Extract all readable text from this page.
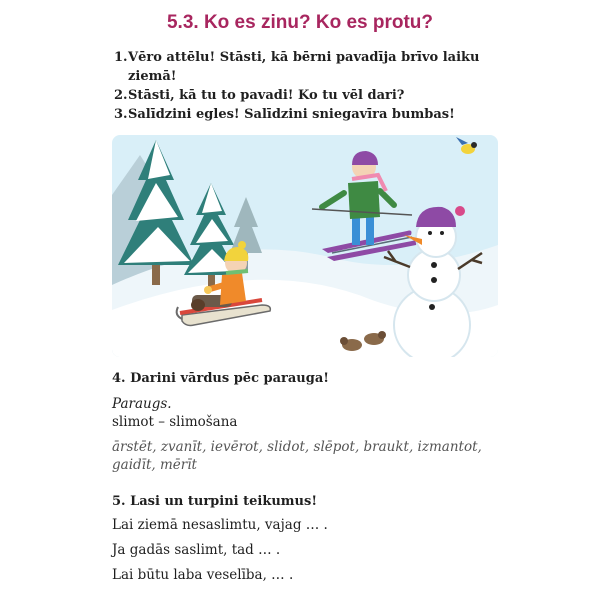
5.3. Ko es zinu? Ko es protu?
1.Vēro attēlu! Stāsti, kā bērni pavadīja brīvo laiku
ziemā!
2.Stāsti, kā tu to pavadi! Ko tu vēl dari?
3.Salīdzini egles! Salīdzini sniegavīra bumbas!
4. Darini vārdus pēc parauga!
Paraugs.
slimot – slimošana
ārstēt, zvanīt, ievērot, slidot, slēpot, braukt, izmantot,
gaidīt, mērīt
5. Lasi un turpini teikumus!
Lai ziemā nesaslimtu, vajag … .
Ja gadās saslimt, tad … .
Lai būtu laba veselība, … .
